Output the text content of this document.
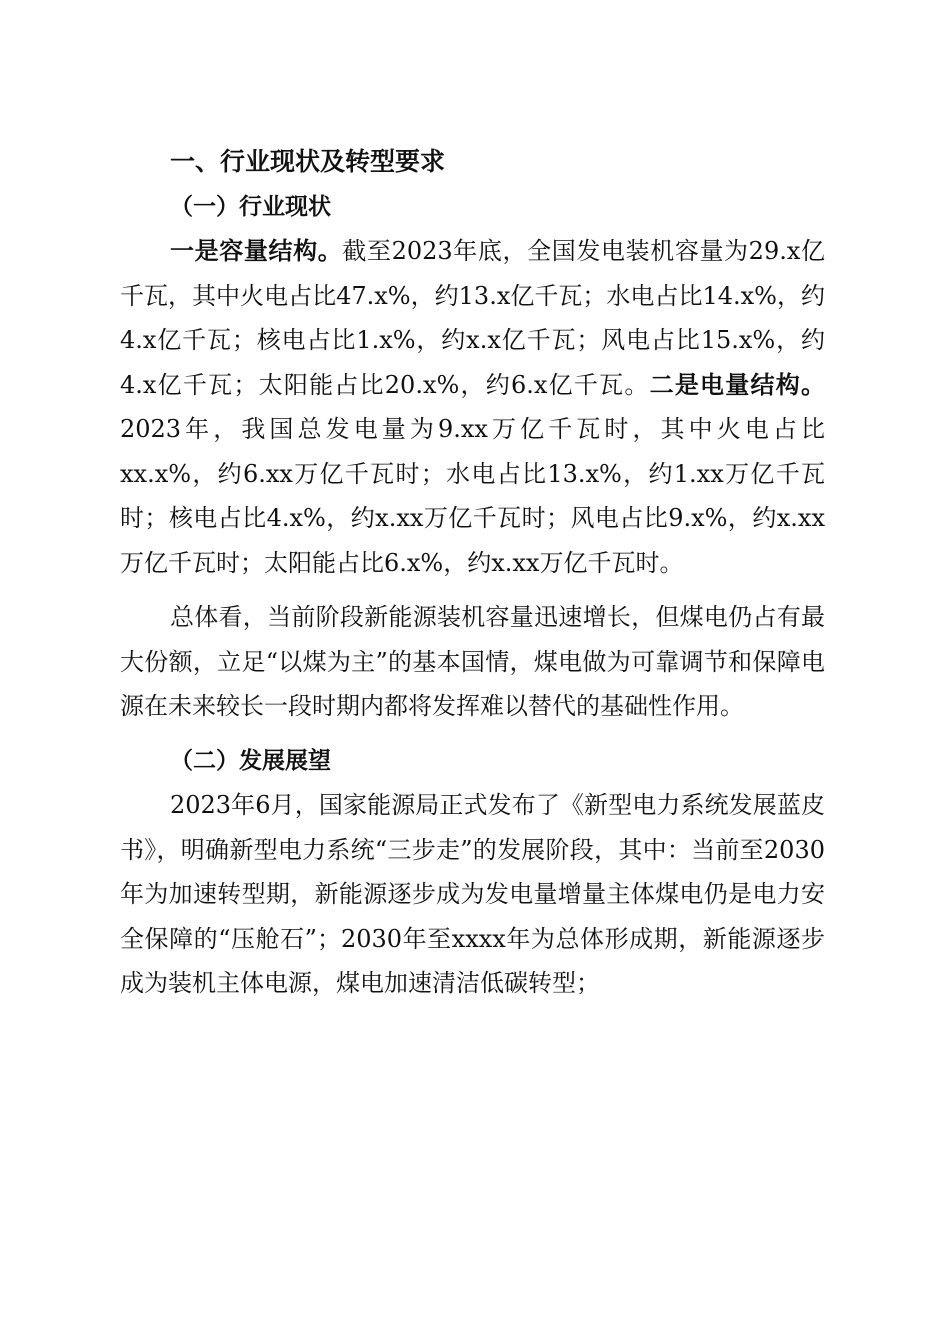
一、行业现状及转型要求
（一）行业现状

一是容量结构。截至2023年底，全国发电装机容量为29.x亿千瓦，其中火电占比47.x%，约13.x亿千瓦；水电占比14.x%，约4.x亿千瓦；核电占比1.x%，约x.x亿千瓦；风电占比15.x%，约4.x亿千瓦；太阳能占比20.x%，约6.x亿千瓦。二是电量结构。2023年，我国总发电量为9.xx万亿千瓦时，其中火电占比xx.x%，约6.xx万亿千瓦时；水电占比13.x%，约1.xx万亿千瓦时；核电占比4.x%，约x.xx万亿千瓦时；风电占比9.x%，约x.xx万亿千瓦时；太阳能占比6.x%，约x.xx万亿千瓦时。

总体看，当前阶段新能源装机容量迅速增长，但煤电仍占有最大份额，立足“以煤为主”的基本国情，煤电做为可靠调节和保障电源在未来较长一段时期内都将发挥难以替代的基础性作用。

（二）发展展望

2023年6月，国家能源局正式发布了《新型电力系统发展蓝皮书》，明确新型电力系统“三步走”的发展阶段，其中：当前至2030年为加速转型期，新能源逐步成为发电量增量主体煤电仍是电力安全保障的“压舱石”；2030年至xxxx年为总体形成期，新能源逐步成为装机主体电源，煤电加速清洁低碳转型；
